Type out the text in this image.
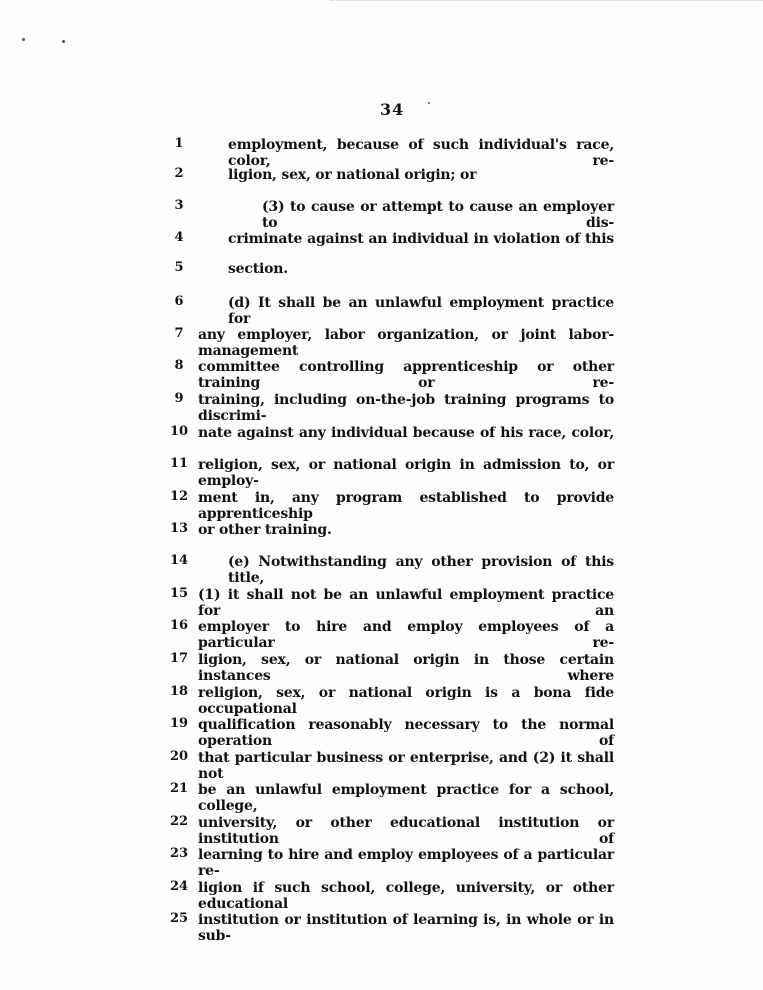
34
1	employment, because of such individual's race, color, re-
2	ligion, sex, or national origin; or
3	(3) to cause or attempt to cause an employer to dis-
4	criminate against an individual in violation of this
5	section.
6	(d) It shall be an unlawful employment practice for
7	any employer, labor organization, or joint labor-management
8	committee controlling apprenticeship or other training or re-
9	training, including on-the-job training programs to discrimi-
10 nate against any individual because of his race, color,
11 religion, sex, or national origin in admission to, or employ-
12 ment in, any program established to provide apprenticeship
13 or other training.
14	(e) Notwithstanding any other provision of this title,
15 (1) it shall not be an unlawful employment practice for an
16 employer to hire and employ employees of a particular re-
17 ligion, sex, or national origin in those certain instances where
18 religion, sex, or national origin is a bona fide occupational
19 qualification reasonably necessary to the normal operation of
20 that particular business or enterprise, and (2) it shall not
21 be an unlawful employment practice for a school, college,
22 university, or other educational institution or institution of
23 learning to hire and employ employees of a particular re-
24 ligion if such school, college, university, or other educational
25 institution or institution of learning is, in whole or in sub-
